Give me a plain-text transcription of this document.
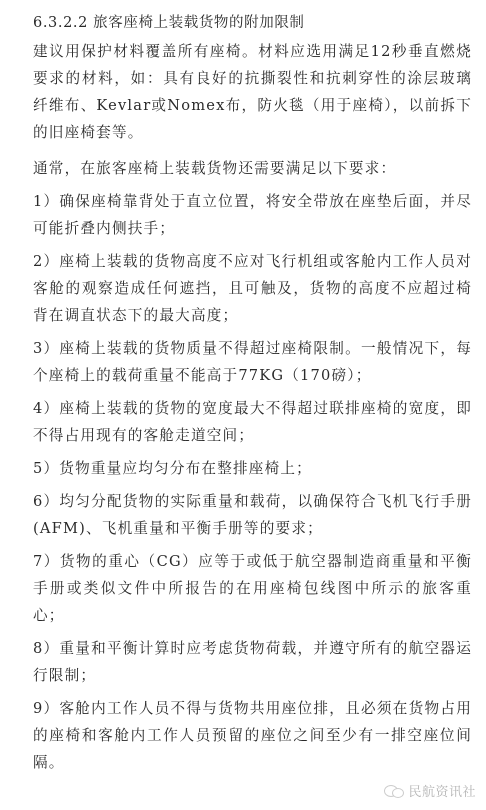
6.3.2.2 旅客座椅上装载货物的附加限制

建议用保护材料覆盖所有座椅。材料应选用满足12秒垂直燃烧要求的材料，如：具有良好的抗撕裂性和抗刺穿性的涂层玻璃纤维布、Kevlar或Nomex布，防火毯（用于座椅），以前拆下的旧座椅套等。

通常，在旅客座椅上装载货物还需要满足以下要求：

1）确保座椅靠背处于直立位置，将安全带放在座垫后面，并尽可能折叠内侧扶手；

2）座椅上装载的货物高度不应对飞行机组或客舱内工作人员对客舱的观察造成任何遮挡，且可触及，货物的高度不应超过椅背在调直状态下的最大高度；

3）座椅上装载的货物质量不得超过座椅限制。一般情况下，每个座椅上的载荷重量不能高于77KG（170磅）；

4）座椅上装载的货物的宽度最大不得超过联排座椅的宽度，即不得占用现有的客舱走道空间；

5）货物重量应均匀分布在整排座椅上；

6）均匀分配货物的实际重量和载荷，以确保符合飞机飞行手册(AFM)、飞机重量和平衡手册等的要求；

7）货物的重心（CG）应等于或低于航空器制造商重量和平衡手册或类似文件中所报告的在用座椅包线图中所示的旅客重心；

8）重量和平衡计算时应考虑货物荷载，并遵守所有的航空器运行限制；

9）客舱内工作人员不得与货物共用座位排，且必须在货物占用的座椅和客舱内工作人员预留的座位之间至少有一排空座位间隔。

民航资讯社
